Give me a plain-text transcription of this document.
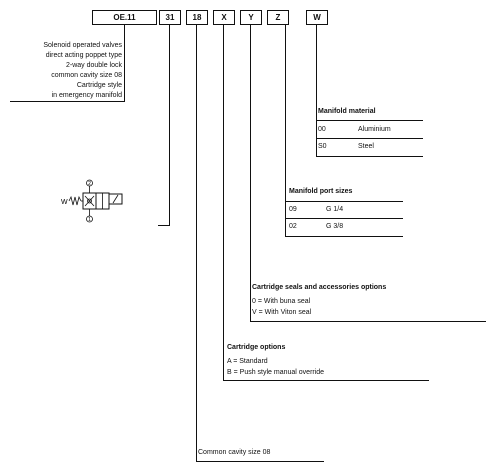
OE.11	31	18	X	Y	Z	W
Solenoid operated valves
direct acting poppet type
2-way double lock
common cavity size 08
Cartridge style
in emergency manifold
W
2
1
Manifold material
00	Aluminium
S0	Steel
Manifold port sizes
09	G 1/4
02	G 3/8
Cartridge seals and accessories options
0 = With buna seal
V = With Viton seal
Cartridge options
A = Standard
B = Push style manual override
Common cavity size 08
